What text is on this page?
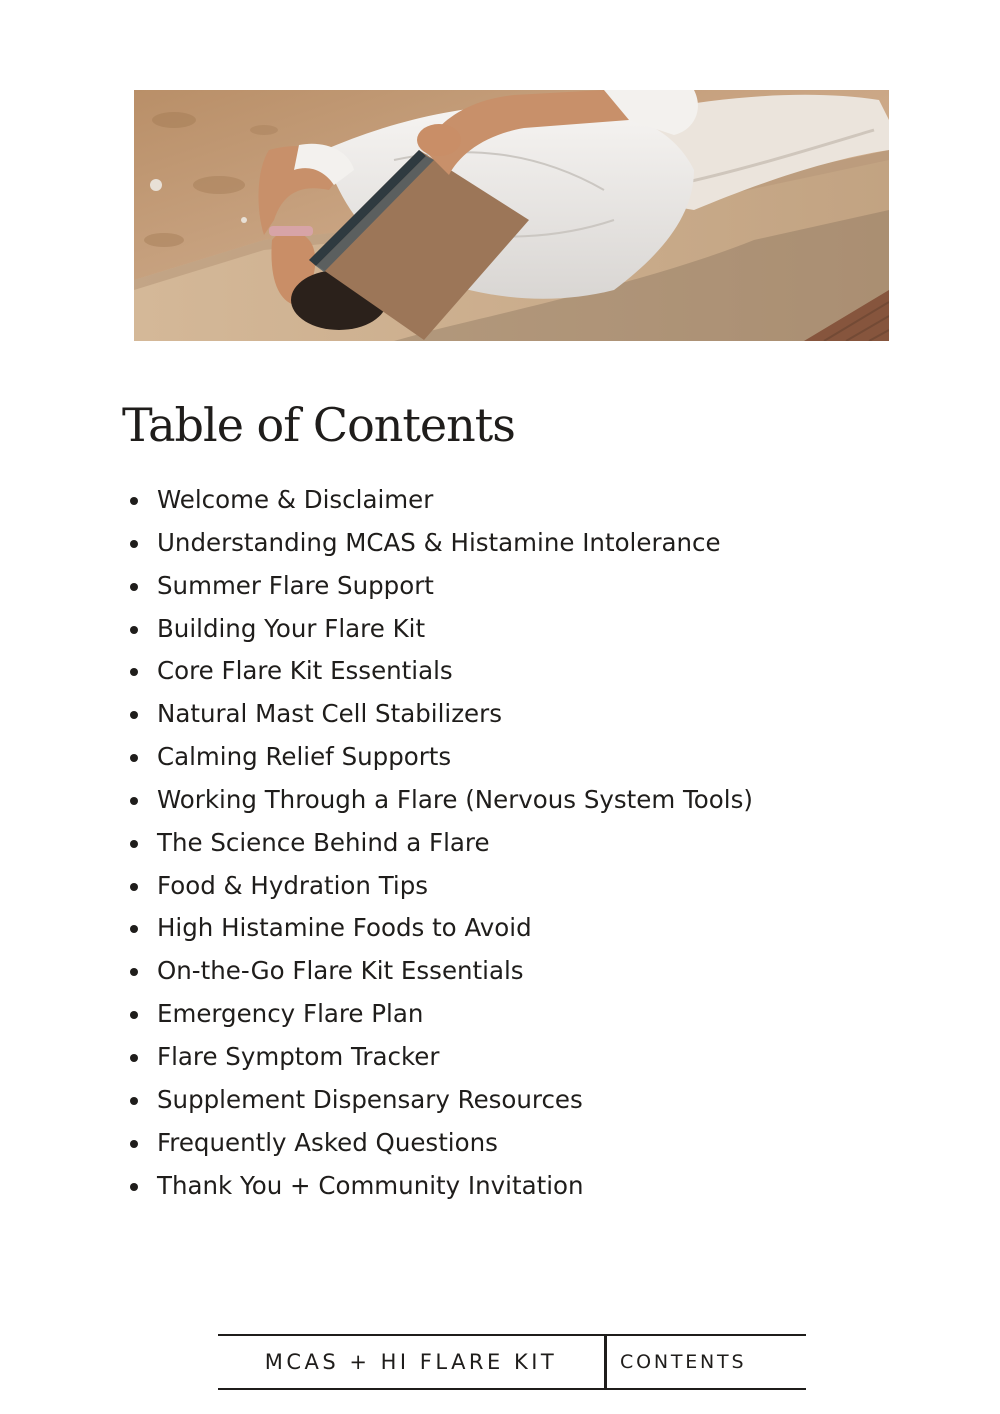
Table of Contents
Welcome & Disclaimer
Understanding MCAS & Histamine Intolerance
Summer Flare Support
Building Your Flare Kit
Core Flare Kit Essentials
Natural Mast Cell Stabilizers
Calming Relief Supports
Working Through a Flare (Nervous System Tools)
The Science Behind a Flare
Food & Hydration Tips
High Histamine Foods to Avoid
On-the-Go Flare Kit Essentials
Emergency Flare Plan
Flare Symptom Tracker
Supplement Dispensary Resources
Frequently Asked Questions
Thank You + Community Invitation
MCAS + HI FLARE KIT	CONTENTS
